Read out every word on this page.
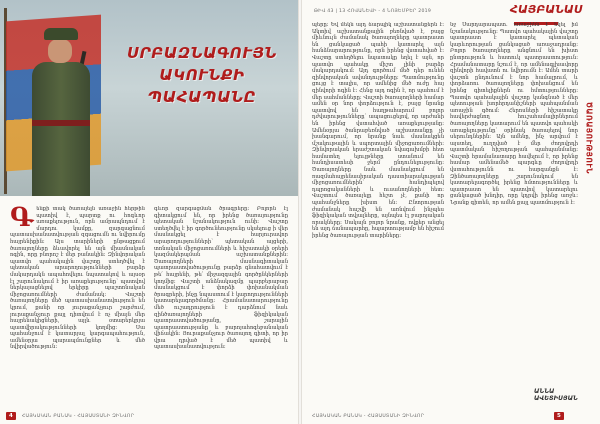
ՍՐԲԱԶՆԱԳՈՒՅՆ
ԱԿՈՒՆՔԻ
ՊԱՀԱՊԱՆԸ
Գ ենքի տակ ծառայելն առաջին հերթին պատիվ է, պարտք ու հոգևոր առաքելություն, որն ամրապնդում է մարդու կամքը, զարգացնում պատասխանատվության զգացումն ու նվիրումը հայրենիքին։ Այս տարիների ընթացքում ծառայողները ձևավորել են այն միասնական ոգին, որը բնորոշ է մեր բանակին։ Զինվորական պատվո պահակային վաշտը ստեղծվել է պետական արարողությունների բարձր մակարդակն ապահովելու նպատակով և այսօր էլ շարունակում է իր առաքելությունը՝ պատվով ներկայացնելով երկիրը պաշտոնական միջոցառումների ժամանակ։ Վաշտի ծառայողները մեծ պատասխանատվություն են կրում, քանի որ յուրաքանչյուր շարժում, յուրաքանչյուր քայլ դիտվում է ոչ միայն մեր հայրենակիցների, այլև օտարերկրյա պատվիրակությունների կողմից։ Սա պահանջում է կատարյալ կարգապահություն, ամենօրյա պարապմունքներ և մեծ նվիրվածություն։
գևոր զարգացման ծրագրերը։ Բոլորն էլ գիտակցում են, որ իրենց ծառայությունը պետական նշանակություն ունի։ Վաշտը ստեղծվել է իր գործունեությունը սկսելուց ի վեր մասնակցել է հարյուրավոր արարողությունների՝ պետական այցերի, տոնական միջոցառումների և հիշատակի օրերի կազմակերպման աշխատանքներին։ Ծառայողների մասնագիտական պատրաստվածությունը բարձր գնահատվում է թե՛ հայրենի, թե՛ միջազգային գործընկերների կողմից։ Վաշտի անձնակազմը պարբերաբար մասնակցում է փորձի փոխանակման ծրագրերի, ինչը նպաստում է կարողությունների կատարելագործմանը։ Հրամանատարությունը մեծ ուշադրություն է դարձնում նաև զինծառայողների ֆիզիկական պատրաստվածությանը, շարային պատրաստությանը և բարոյահոգեբանական վիճակին։ Յուրաքանչյուր ծառայող գիտի, որ իր վրա դրված է մեծ պատիվ և պատասխանատվություն։
4 ՀԱՅԿԱԿԱՆ ԲԱՆԱԿ - ՀԱՅԱՍՏԱՆԻ ԶԻՆՎՈՐ
ԹԻՎ 43 | 13 ՀՈՎԱՆԵՎԻ - 4 ՆՈՅԵՄԲԵՐ 2019	ՀԱՅԲԱՆԱՍ
պերը։ Եվ մեկն այդ ճարպիկ աշխատանքերն է։ Ակտիվ աշխատանքային բեռնված է, բայց միևնույն ժամանակ ծառայողները պատրաստ են ցանկացած պահի կատարել այն հանձնարարությունը, որն իրենց վստահված է։ Վաշտը ստեղծելու նպատակը եղել է այն, որ պատվո պահակը միշտ լինի բարձր մակարդակում։ Այդ գործում մեծ դեր ունեն զինվորական ավանդույթները։ Պատմությունը ցույց է տալիս, որ ամենից մեծ ուժը հայ զինվորի ոգին է։ Հենց այդ ոգին է, որ պահում է մեր սահմանները։ Վաշտի ծառայողների համար ամեն օր նոր փորձություն է, բայց նրանք պատվով են հաղթահարում բոլոր դժվարությունները՝ ապացուցելով, որ արժանի են իրենց վստահված առաքելությանը։ Ամենօրյա ծանրաբեռնված աշխատանքը չի խանգարում, որ նրանք նաև մասնակցեն մշակութային և սպորտային միջոցառումների։ Զինվորական երաժշտական նվագախմբի հետ համատեղ ելույթները ստանում են հանդիսատեսի ջերմ ընդունելությունը։ Ծառայողները նաև մասնակցում են ռազմահայրենասիրական դաստիարակության միջոցառումներին՝ հանդիպելով դպրոցականների և ուսանողների հետ։ Վաշտում ծառայելը հեշտ չէ, քանի որ պահանջները խիստ են։ Ընտրության ժամանակ հաշվի են առնվում ինչպես ֆիզիկական տվյալները, այնպես էլ բարոյական որակները։ Սակայն բոլոր նրանք, ովքեր անցել են այդ ճանապարհը, հպարտությամբ են հիշում իրենց ծառայության տարիները։
նջ Սարդարապատ. առաջինն է եկել իմ նշանակությունը։ Պատվո պահակային վաշտը պատրաստ է կատարել պետական կարևորության ցանկացած առաջադրանք։ Բոլոր ծառայողները անցնում են խիստ ընտրություն և հատուկ պատրաստություն։ Հրամանատարը նշում է, որ ամենագլխավորը զինվորի հավատն ու նվիրումն է։ Ամեն տարի վաշտն ընդունում է նոր համալրում, և փորձառու ծառայողները փոխանցում են իրենց գիտելիքներն ու հմտությունները։ Պատվո պահակային վաշտը կանգնած է մեր պետության խորհրդանիշների պահպանման առաջին գծում։ Հերոսների հիշատակը հավերժացնող հուշահամալիրներում ծառայողները կատարում են պատվո պահակի առաքելությունը՝ օրինակ ծառայելով նոր սերունդներին։ Այն ամենը, ինչ արվում է այստեղ, ուղղված է մեր ժողովրդի պատմական հիշողության պահպանմանը։ Վաշտի հրամանատարը հավելում է, որ իրենց համար ամենամեծ պարգևը ժողովրդի վստահությունն ու հարգանքն է։ Զինծառայողները շարունակում են կատարելագործել իրենց հմտությունները և պատրաստ են պատվով կատարելու ցանկացած խնդիր, որը կդրվի իրենց առջև։ Նրանք գիտեն, որ ամեն քայլ պատմություն է։
ԾԱՌԱՅՈՒԹՅՈՒՆ
ԱՆՆԱ ԱՎԵՏԻՍՅԱՆ
ՀԱՅԿԱԿԱՆ ԲԱՆԱԿ - ՀԱՅԱՍՏԱՆԻ ԶԻՆՎՈՐ	5
